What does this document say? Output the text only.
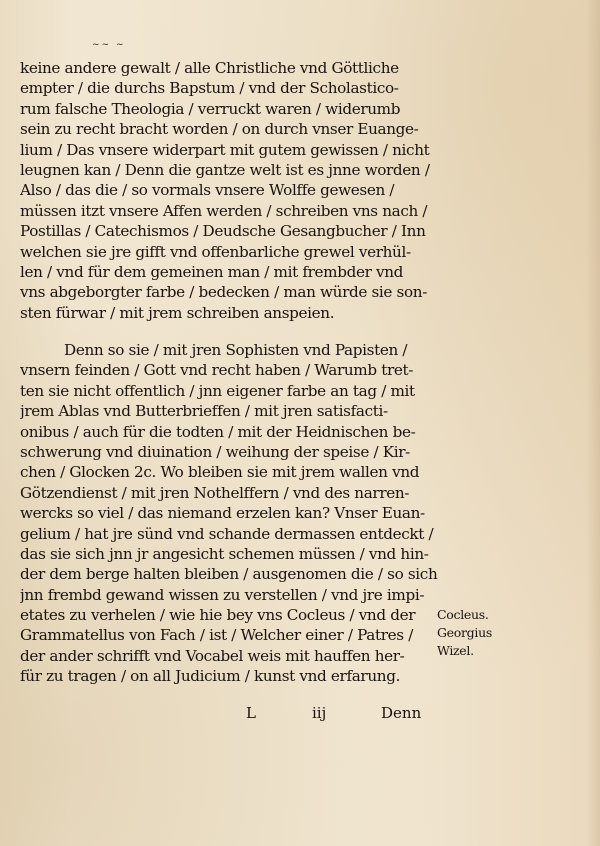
~~ ~
keine andere gewalt / alle Christliche vnd Göttliche
empter / die durchs Bapstum / vnd der Scholastico-
rum falsche Theologia / verruckt waren / widerumb
sein zu recht bracht worden / on durch vnser Euange-
lium / Das vnsere widerpart mit gutem gewissen / nicht
leugnen kan / Denn die gantze welt ist es jnne worden /
Also / das die / so vormals vnsere Wolffe gewesen /
müssen itzt vnsere Affen werden / schreiben vns nach /
Postillas / Catechismos / Deudsche Gesangbucher / Inn
welchen sie jre gifft vnd offenbarliche grewel verhül-
len / vnd für dem gemeinen man / mit frembder vnd
vns abgeborgter farbe / bedecken / man würde sie son-
sten fürwar / mit jrem schreiben anspeien.
Denn so sie / mit jren Sophisten vnd Papisten /
vnsern feinden / Gott vnd recht haben / Warumb tret-
ten sie nicht offentlich / jnn eigener farbe an tag / mit
jrem Ablas vnd Butterbrieffen / mit jren satisfacti-
onibus / auch für die todten / mit der Heidnischen be-
schwerung vnd diuination / weihung der speise / Kir-
chen / Glocken 2c. Wo bleiben sie mit jrem wallen vnd
Götzendienst / mit jren Nothelffern / vnd des narren-
wercks so viel / das niemand erzelen kan? Vnser Euan-
gelium / hat jre sünd vnd schande dermassen entdeckt /
das sie sich jnn jr angesicht schemen müssen / vnd hin-
der dem berge halten bleiben / ausgenomen die / so sich
jnn frembd gewand wissen zu verstellen / vnd jre impi-
etates zu verhelen / wie hie bey vns Cocleus / vnd der
Grammatellus von Fach / ist / Welcher einer / Patres /
der ander schrifft vnd Vocabel weis mit hauffen her-
für zu tragen / on all Judicium / kunst vnd erfarung.
Cocleus.
Georgius
Wizel.
L	iij	Denn
